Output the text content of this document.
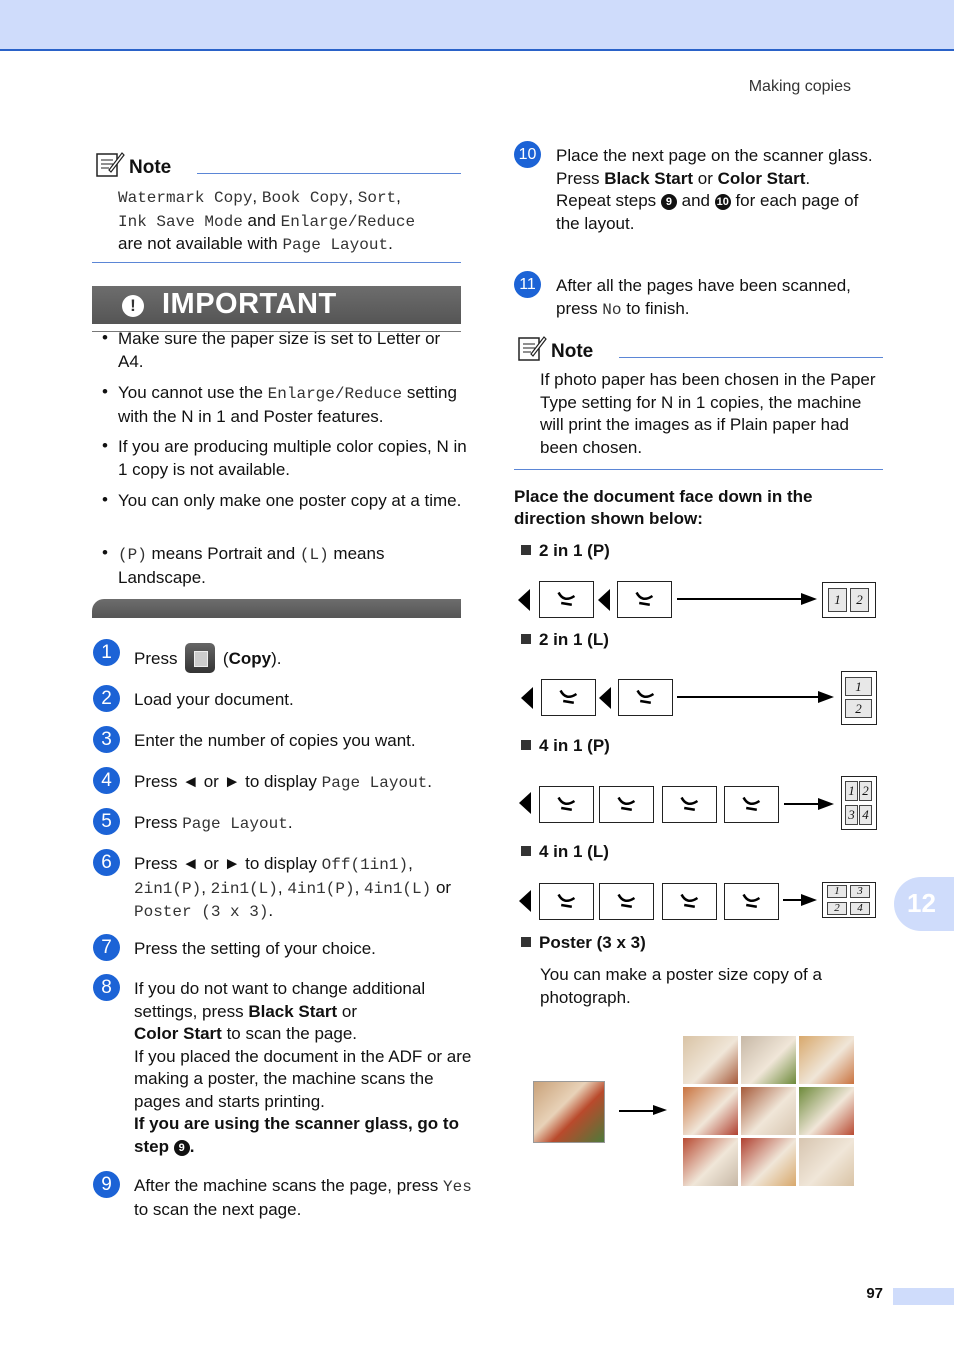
Making copies
Note
Watermark Copy, Book Copy, Sort,
Ink Save Mode and Enlarge/Reduce
are not available with Page Layout.
! IMPORTANT
• Make sure the paper size is set to Letter or A4.
• You cannot use the Enlarge/Reduce setting with the N in 1 and Poster features.
• If you are producing multiple color copies, N in 1 copy is not available.
• You can only make one poster copy at a time.
• (P) means Portrait and (L) means Landscape.
1	Press
(Copy).
2	Load your document.
3	Enter the number of copies you want.
4	Press ◄ or ► to display Page Layout.
5	Press Page Layout.
6	Press ◄ or ► to display Off(1in1), 2in1(P), 2in1(L), 4in1(P), 4in1(L) or Poster (3 x 3).
7	Press the setting of your choice.
8	If you do not want to change additional settings, press Black Start or
Color Start to scan the page.
If you placed the document in the ADF or are making a poster, the machine scans the pages and starts printing.
If you are using the scanner glass, go to step 9 .
9	After the machine scans the page, press Yes to scan the next page.
10 Place the next page on the scanner glass.
Press Black Start or Color Start.
Repeat steps 9 and 10 for each page of the layout.
11	After all the pages have been scanned, press No to finish.
Note
If photo paper has been chosen in the Paper Type setting for N in 1 copies, the machine will print the images as if Plain paper had been chosen.
Place the document face down in the direction shown below:
2 in 1 (P)
2 in 1 (L)
4 in 1 (P)
4 in 1 (L)
Poster (3 x 3)
You can make a poster size copy of a photograph.
1	2
1
2
1 2
3 4
1	3
2	4 12
97
